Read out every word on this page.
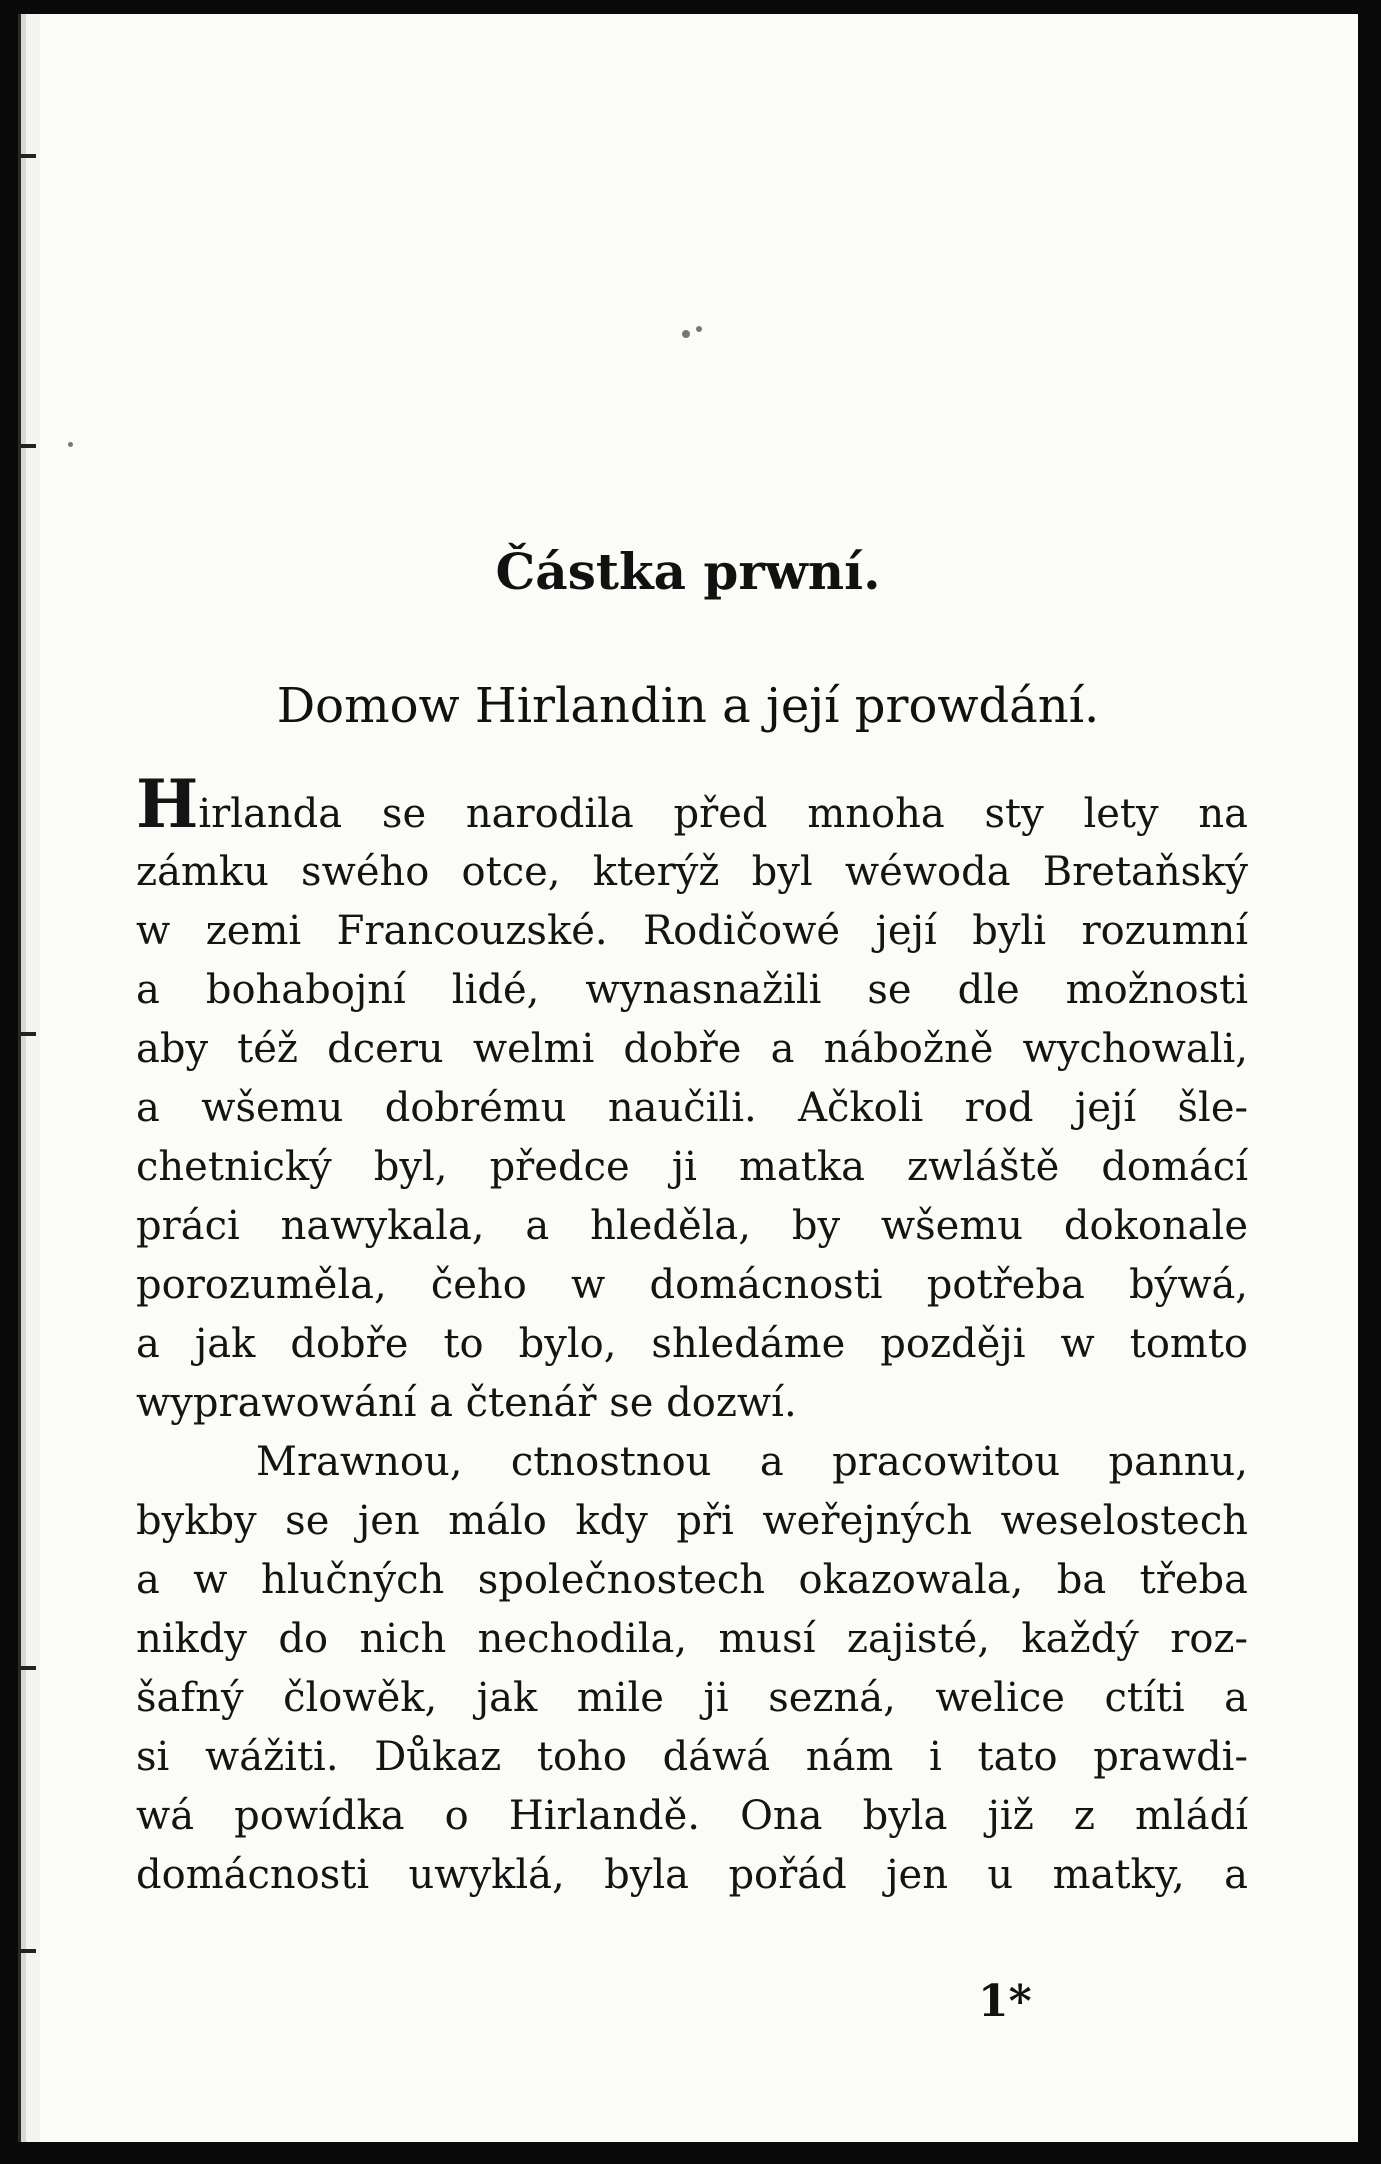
Částka prwní.
Domow Hirlandin a její prowdání.
Hirlanda se narodila před mnoha sty lety na
zámku swého otce, kterýž byl wéwoda Bretaňský
w zemi Francouzské. Rodičowé její byli rozumní
a bohabojní lidé, wynasnažili se dle možnosti
aby též dceru welmi dobře a nábožně wychowali,
a wšemu dobrému naučili. Ačkoli rod její šle-
chetnický byl, předce ji matka zwláště domácí
práci nawykala, a hleděla, by wšemu dokonale
porozuměla, čeho w domácnosti potřeba býwá,
a jak dobře to bylo, shledáme později w tomto
wyprawowání a čtenář se dozwí.
Mrawnou, ctnostnou a pracowitou pannu,
bykby se jen málo kdy při weřejných weselostech
a w hlučných společnostech okazowala, ba třeba
nikdy do nich nechodila, musí zajisté, každý roz-
šafný člowěk, jak mile ji sezná, welice ctíti a
si wážiti. Důkaz toho dáwá nám i tato prawdi-
wá powídka o Hirlandě. Ona byla již z mládí
domácnosti uwyklá, byla pořád jen u matky, a
1*
